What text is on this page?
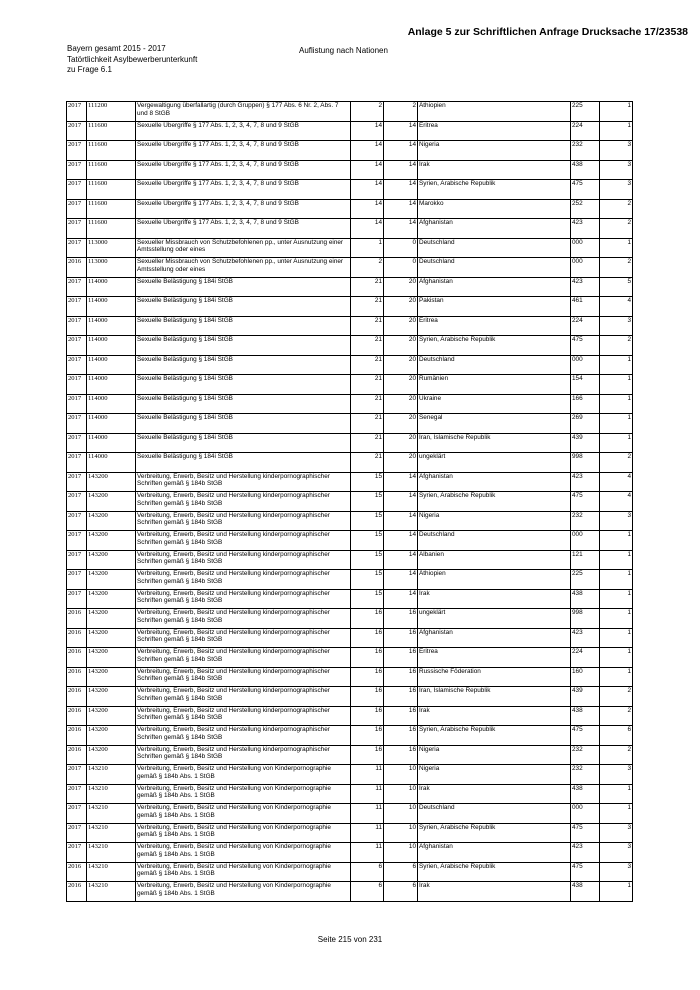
Anlage 5 zur Schriftlichen Anfrage Drucksache 17/23538
Bayern gesamt 2015 - 2017
Tatörtlichkeit Asylbewerberunterkunft
zu Frage 6.1
Auflistung nach Nationen
2017	111200	Vergewaltigung überfallartig (durch Gruppen) § 177 Abs. 6 Nr. 2, Abs. 7 und 8 StGB	2	2	Äthiopien	225	1
2017	111600	Sexuelle Übergriffe § 177 Abs. 1, 2, 3, 4, 7, 8 und 9 StGB	14	14	Eritrea	224	1
2017	111600	Sexuelle Übergriffe § 177 Abs. 1, 2, 3, 4, 7, 8 und 9 StGB	14	14	Nigeria	232	3
2017	111600	Sexuelle Übergriffe § 177 Abs. 1, 2, 3, 4, 7, 8 und 9 StGB	14	14	Irak	438	3
2017	111600	Sexuelle Übergriffe § 177 Abs. 1, 2, 3, 4, 7, 8 und 9 StGB	14	14	Syrien, Arabische Republik	475	3
2017	111600	Sexuelle Übergriffe § 177 Abs. 1, 2, 3, 4, 7, 8 und 9 StGB	14	14	Marokko	252	2
2017	111600	Sexuelle Übergriffe § 177 Abs. 1, 2, 3, 4, 7, 8 und 9 StGB	14	14	Afghanistan	423	2
2017	113000	Sexueller Missbrauch von Schutzbefohlenen pp., unter Ausnutzung einer Amtsstellung oder eines	1	0	Deutschland	000	1
2016	113000	Sexueller Missbrauch von Schutzbefohlenen pp., unter Ausnutzung einer Amtsstellung oder eines	2	0	Deutschland	000	2
2017	114000	Sexuelle Belästigung § 184i StGB	21	20	Afghanistan	423	5
2017	114000	Sexuelle Belästigung § 184i StGB	21	20	Pakistan	461	4
2017	114000	Sexuelle Belästigung § 184i StGB	21	20	Eritrea	224	3
2017	114000	Sexuelle Belästigung § 184i StGB	21	20	Syrien, Arabische Republik	475	2
2017	114000	Sexuelle Belästigung § 184i StGB	21	20	Deutschland	000	1
2017	114000	Sexuelle Belästigung § 184i StGB	21	20	Rumänien	154	1
2017	114000	Sexuelle Belästigung § 184i StGB	21	20	Ukraine	166	1
2017	114000	Sexuelle Belästigung § 184i StGB	21	20	Senegal	269	1
2017	114000	Sexuelle Belästigung § 184i StGB	21	20	Iran, Islamische Republik	439	1
2017	114000	Sexuelle Belästigung § 184i StGB	21	20	ungeklärt	998	2
2017	143200	Verbreitung, Erwerb, Besitz und Herstellung kinderpornographischer Schriften gemäß § 184b StGB	15	14	Afghanistan	423	4
2017	143200	Verbreitung, Erwerb, Besitz und Herstellung kinderpornographischer Schriften gemäß § 184b StGB	15	14	Syrien, Arabische Republik	475	4
2017	143200	Verbreitung, Erwerb, Besitz und Herstellung kinderpornographischer Schriften gemäß § 184b StGB	15	14	Nigeria	232	3
2017	143200	Verbreitung, Erwerb, Besitz und Herstellung kinderpornographischer Schriften gemäß § 184b StGB	15	14	Deutschland	000	1
2017	143200	Verbreitung, Erwerb, Besitz und Herstellung kinderpornographischer Schriften gemäß § 184b StGB	15	14	Albanien	121	1
2017	143200	Verbreitung, Erwerb, Besitz und Herstellung kinderpornographischer Schriften gemäß § 184b StGB	15	14	Äthiopien	225	1
2017	143200	Verbreitung, Erwerb, Besitz und Herstellung kinderpornographischer Schriften gemäß § 184b StGB	15	14	Irak	438	1
2016	143200	Verbreitung, Erwerb, Besitz und Herstellung kinderpornographischer Schriften gemäß § 184b StGB	16	16	ungeklärt	998	1
2016	143200	Verbreitung, Erwerb, Besitz und Herstellung kinderpornographischer Schriften gemäß § 184b StGB	16	16	Afghanistan	423	1
2016	143200	Verbreitung, Erwerb, Besitz und Herstellung kinderpornographischer Schriften gemäß § 184b StGB	16	16	Eritrea	224	1
2016	143200	Verbreitung, Erwerb, Besitz und Herstellung kinderpornographischer Schriften gemäß § 184b StGB	16	16	Russische Föderation	160	1
2016	143200	Verbreitung, Erwerb, Besitz und Herstellung kinderpornographischer Schriften gemäß § 184b StGB	16	16	Iran, Islamische Republik	439	2
2016	143200	Verbreitung, Erwerb, Besitz und Herstellung kinderpornographischer Schriften gemäß § 184b StGB	16	16	Irak	438	2
2016	143200	Verbreitung, Erwerb, Besitz und Herstellung kinderpornographischer Schriften gemäß § 184b StGB	16	16	Syrien, Arabische Republik	475	6
2016	143200	Verbreitung, Erwerb, Besitz und Herstellung kinderpornographischer Schriften gemäß § 184b StGB	16	16	Nigeria	232	2
2017	143210	Verbreitung, Erwerb, Besitz und Herstellung von Kinderpornographie gemäß § 184b Abs. 1 StGB	11	10	Nigeria	232	3
2017	143210	Verbreitung, Erwerb, Besitz und Herstellung von Kinderpornographie gemäß § 184b Abs. 1 StGB	11	10	Irak	438	1
2017	143210	Verbreitung, Erwerb, Besitz und Herstellung von Kinderpornographie gemäß § 184b Abs. 1 StGB	11	10	Deutschland	000	1
2017	143210	Verbreitung, Erwerb, Besitz und Herstellung von Kinderpornographie gemäß § 184b Abs. 1 StGB	11	10	Syrien, Arabische Republik	475	3
2017	143210	Verbreitung, Erwerb, Besitz und Herstellung von Kinderpornographie gemäß § 184b Abs. 1 StGB	11	10	Afghanistan	423	3
2016	143210	Verbreitung, Erwerb, Besitz und Herstellung von Kinderpornographie gemäß § 184b Abs. 1 StGB	6	6	Syrien, Arabische Republik	475	3
2016	143210	Verbreitung, Erwerb, Besitz und Herstellung von Kinderpornographie gemäß § 184b Abs. 1 StGB	6	6	Irak	438	1
Seite 215 von 231
